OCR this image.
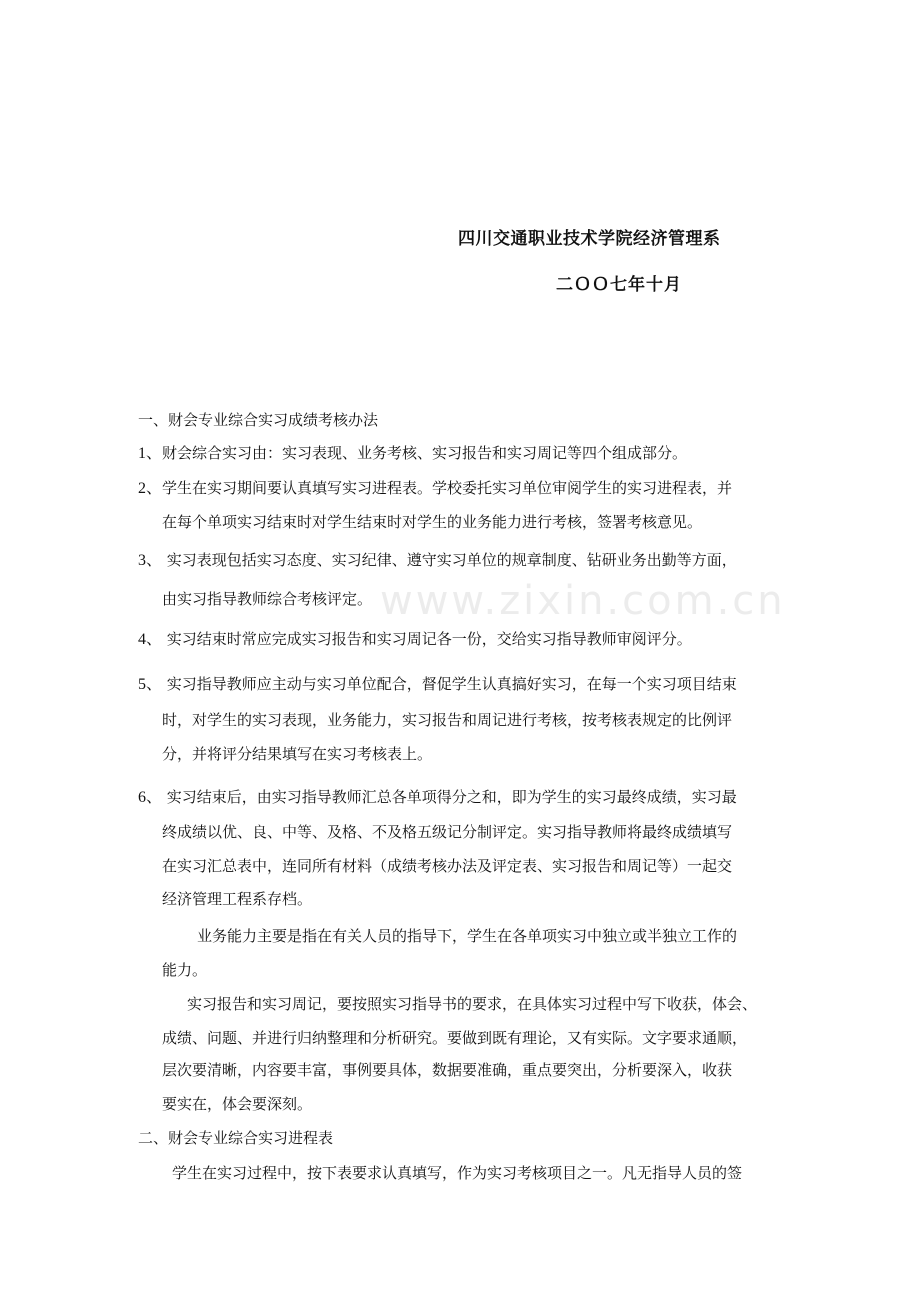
www.zixin.com.cn
四川交通职业技术学院经济管理系
二ＯＯ七年十月
一、财会专业综合实习成绩考核办法
1、财会综合实习由：实习表现、业务考核、实习报告和实习周记等四个组成部分。
2、学生在实习期间要认真填写实习进程表。学校委托实习单位审阅学生的实习进程表，并
在每个单项实习结束时对学生结束时对学生的业务能力进行考核，签署考核意见。
3、 实习表现包括实习态度、实习纪律、遵守实习单位的规章制度、钻研业务出勤等方面，
由实习指导教师综合考核评定。
4、 实习结束时常应完成实习报告和实习周记各一份，交给实习指导教师审阅评分。
5、 实习指导教师应主动与实习单位配合，督促学生认真搞好实习，在每一个实习项目结束
时，对学生的实习表现，业务能力，实习报告和周记进行考核，按考核表规定的比例评
分，并将评分结果填写在实习考核表上。
6、 实习结束后，由实习指导教师汇总各单项得分之和，即为学生的实习最终成绩，实习最
终成绩以优、良、中等、及格、不及格五级记分制评定。实习指导教师将最终成绩填写
在实习汇总表中，连同所有材料（成绩考核办法及评定表、实习报告和周记等）一起交
经济管理工程系存档。
业务能力主要是指在有关人员的指导下，学生在各单项实习中独立或半独立工作的
能力。
实习报告和实习周记，要按照实习指导书的要求，在具体实习过程中写下收获，体会、
成绩、问题、并进行归纳整理和分析研究。要做到既有理论，又有实际。文字要求通顺，
层次要清晰，内容要丰富，事例要具体，数据要准确，重点要突出，分析要深入，收获
要实在，体会要深刻。
二、财会专业综合实习进程表
学生在实习过程中，按下表要求认真填写，作为实习考核项目之一。凡无指导人员的签
